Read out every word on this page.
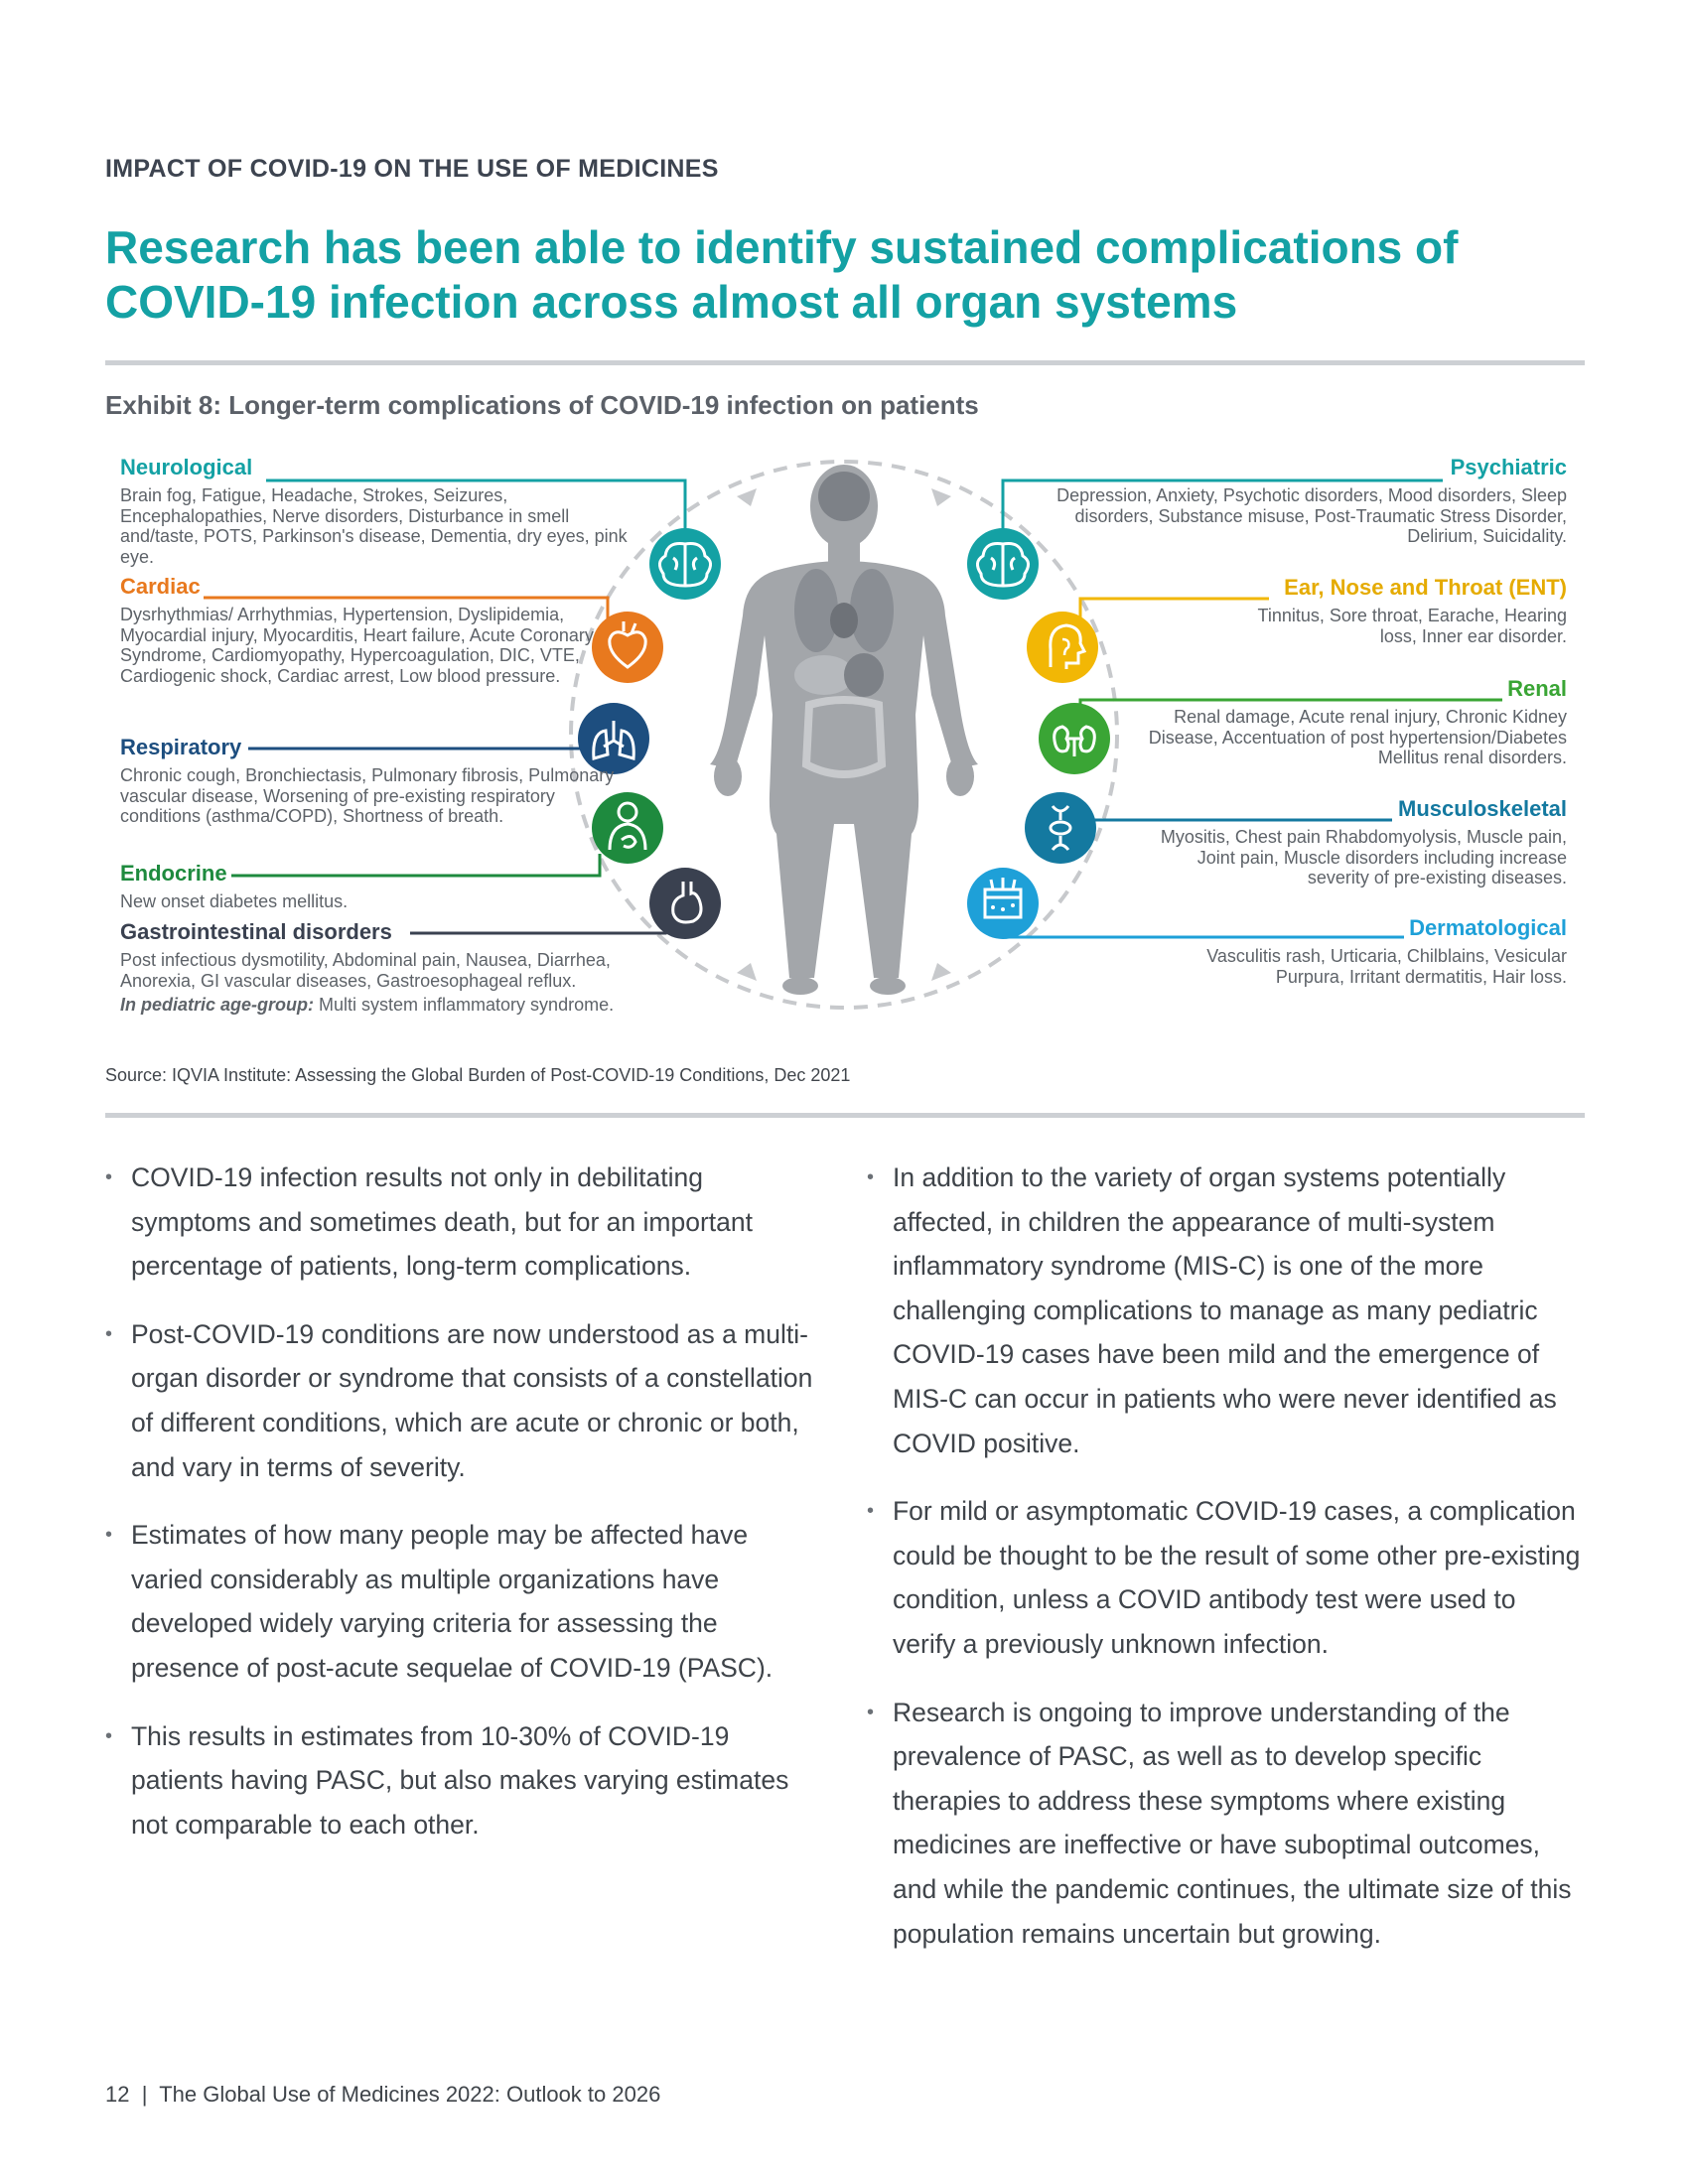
IMPACT OF COVID-19 ON THE USE OF MEDICINES
Research has been able to identify sustained complications of COVID-19 infection across almost all organ systems
Exhibit 8: Longer-term complications of COVID-19 infection on patients
Neurological
Brain fog, Fatigue, Headache, Strokes, Seizures, Encephalopathies, Nerve disorders, Disturbance in smell and/taste, POTS, Parkinson's disease, Dementia, dry eyes, pink eye.
Cardiac
Dysrhythmias/ Arrhythmias, Hypertension, Dyslipidemia, Myocardial injury, Myocarditis, Heart failure, Acute Coronary Syndrome, Cardiomyopathy, Hypercoagulation, DIC, VTE, Cardiogenic shock, Cardiac arrest, Low blood pressure.
Respiratory
Chronic cough, Bronchiectasis, Pulmonary fibrosis, Pulmonary vascular disease, Worsening of pre-existing respiratory conditions (asthma/COPD), Shortness of breath.
Endocrine
New onset diabetes mellitus.
Gastrointestinal disorders
Post infectious dysmotility, Abdominal pain, Nausea, Diarrhea, Anorexia, GI vascular diseases, Gastroesophageal reflux.
In pediatric age-group: Multi system inflammatory syndrome.
Psychiatric
Depression, Anxiety, Psychotic disorders, Mood disorders, Sleep disorders, Substance misuse, Post-Traumatic Stress Disorder, Delirium, Suicidality.
Ear, Nose and Throat (ENT)
Tinnitus, Sore throat, Earache, Hearing loss, Inner ear disorder.
Renal
Renal damage, Acute renal injury, Chronic Kidney Disease, Accentuation of post hypertension/Diabetes Mellitus renal disorders.
Musculoskeletal
Myositis, Chest pain Rhabdomyolysis, Muscle pain, Joint pain, Muscle disorders including increase severity of pre-existing diseases.
Dermatological
Vasculitis rash, Urticaria, Chilblains, Vesicular Purpura, Irritant dermatitis, Hair loss.
Source: IQVIA Institute: Assessing the Global Burden of Post-COVID-19 Conditions, Dec 2021
• COVID-19 infection results not only in debilitating symptoms and sometimes death, but for an important percentage of patients, long-term complications.
• Post-COVID-19 conditions are now understood as a multi-organ disorder or syndrome that consists of a constellation of different conditions, which are acute or chronic or both, and vary in terms of severity.
• Estimates of how many people may be affected have varied considerably as multiple organizations have developed widely varying criteria for assessing the presence of post-acute sequelae of COVID-19 (PASC).
• This results in estimates from 10-30% of COVID-19 patients having PASC, but also makes varying estimates not comparable to each other.
• In addition to the variety of organ systems potentially affected, in children the appearance of multi-system inflammatory syndrome (MIS-C) is one of the more challenging complications to manage as many pediatric COVID-19 cases have been mild and the emergence of MIS-C can occur in patients who were never identified as COVID positive.
• For mild or asymptomatic COVID-19 cases, a complication could be thought to be the result of some other pre-existing condition, unless a COVID antibody test were used to verify a previously unknown infection.
• Research is ongoing to improve understanding of the prevalence of PASC, as well as to develop specific therapies to address these symptoms where existing medicines are ineffective or have suboptimal outcomes, and while the pandemic continues, the ultimate size of this population remains uncertain but growing.
12  |  The Global Use of Medicines 2022: Outlook to 2026
